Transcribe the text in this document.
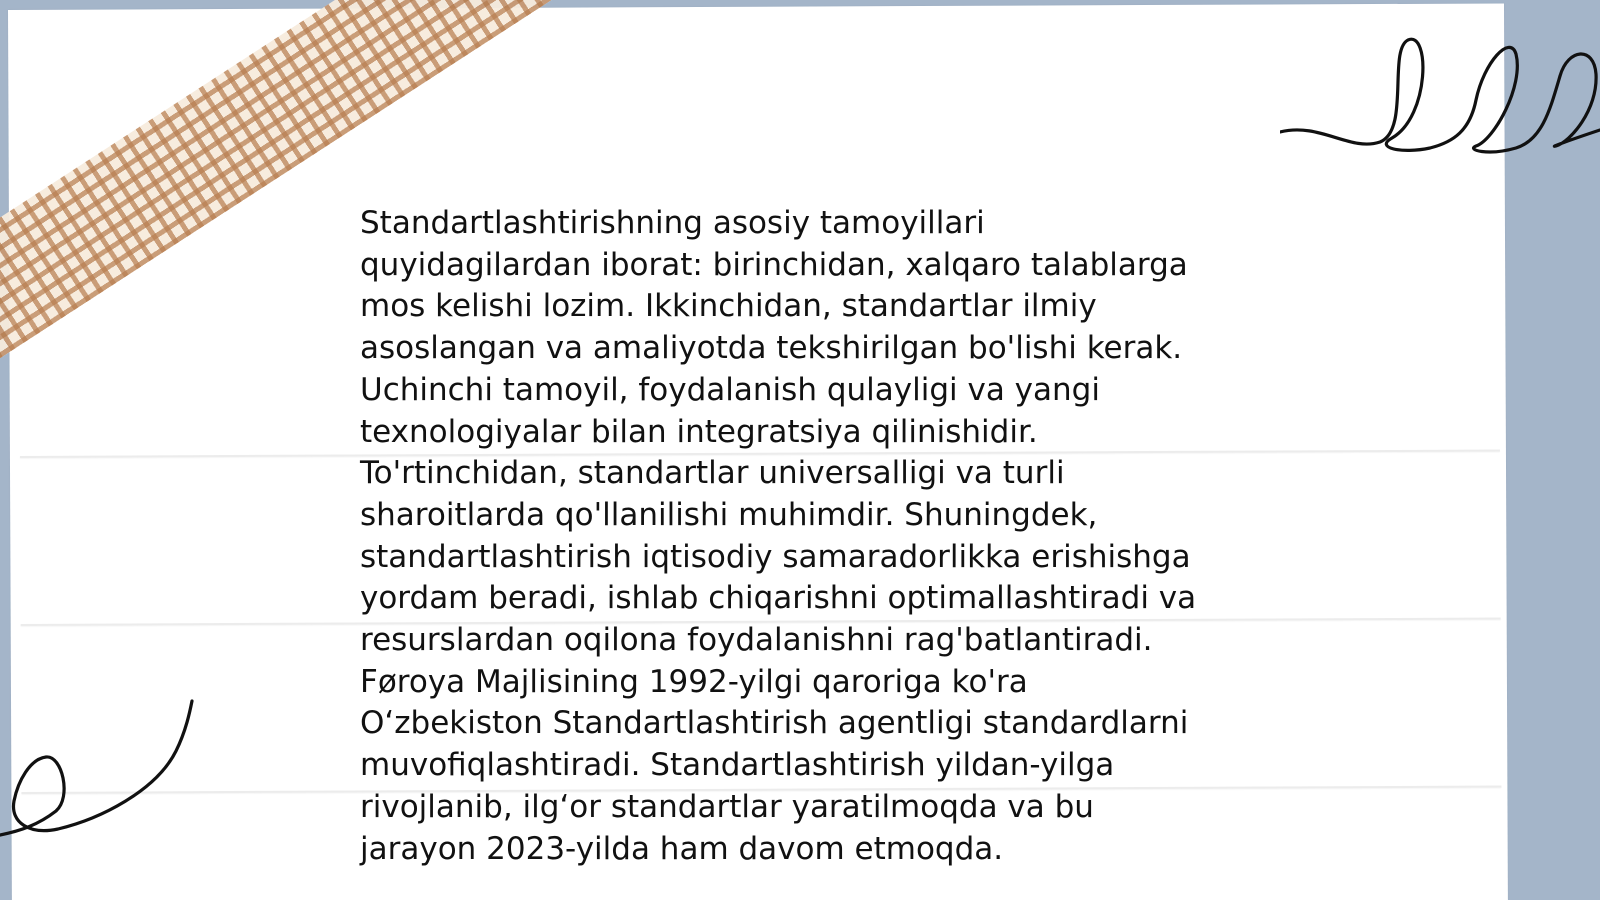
Standartlashtirishning asosiy tamoyillari
quyidagilardan iborat: birinchidan, xalqaro talablarga
mos kelishi lozim. Ikkinchidan, standartlar ilmiy
asoslangan va amaliyotda tekshirilgan bo'lishi kerak.
Uchinchi tamoyil, foydalanish qulayligi va yangi
texnologiyalar bilan integratsiya qilinishidir.
To'rtinchidan, standartlar universalligi va turli
sharoitlarda qo'llanilishi muhimdir. Shuningdek,
standartlashtirish iqtisodiy samaradorlikka erishishga
yordam beradi, ishlab chiqarishni optimallashtiradi va
resurslardan oqilona foydalanishni rag'batlantiradi.
Føroya Majlisining 1992-yilgi qaroriga ko'ra
O‘zbekiston Standartlashtirish agentligi standardlarni
muvofiqlashtiradi. Standartlashtirish yildan-yilga
rivojlanib, ilg‘or standartlar yaratilmoqda va bu
jarayon 2023-yilda ham davom etmoqda.
